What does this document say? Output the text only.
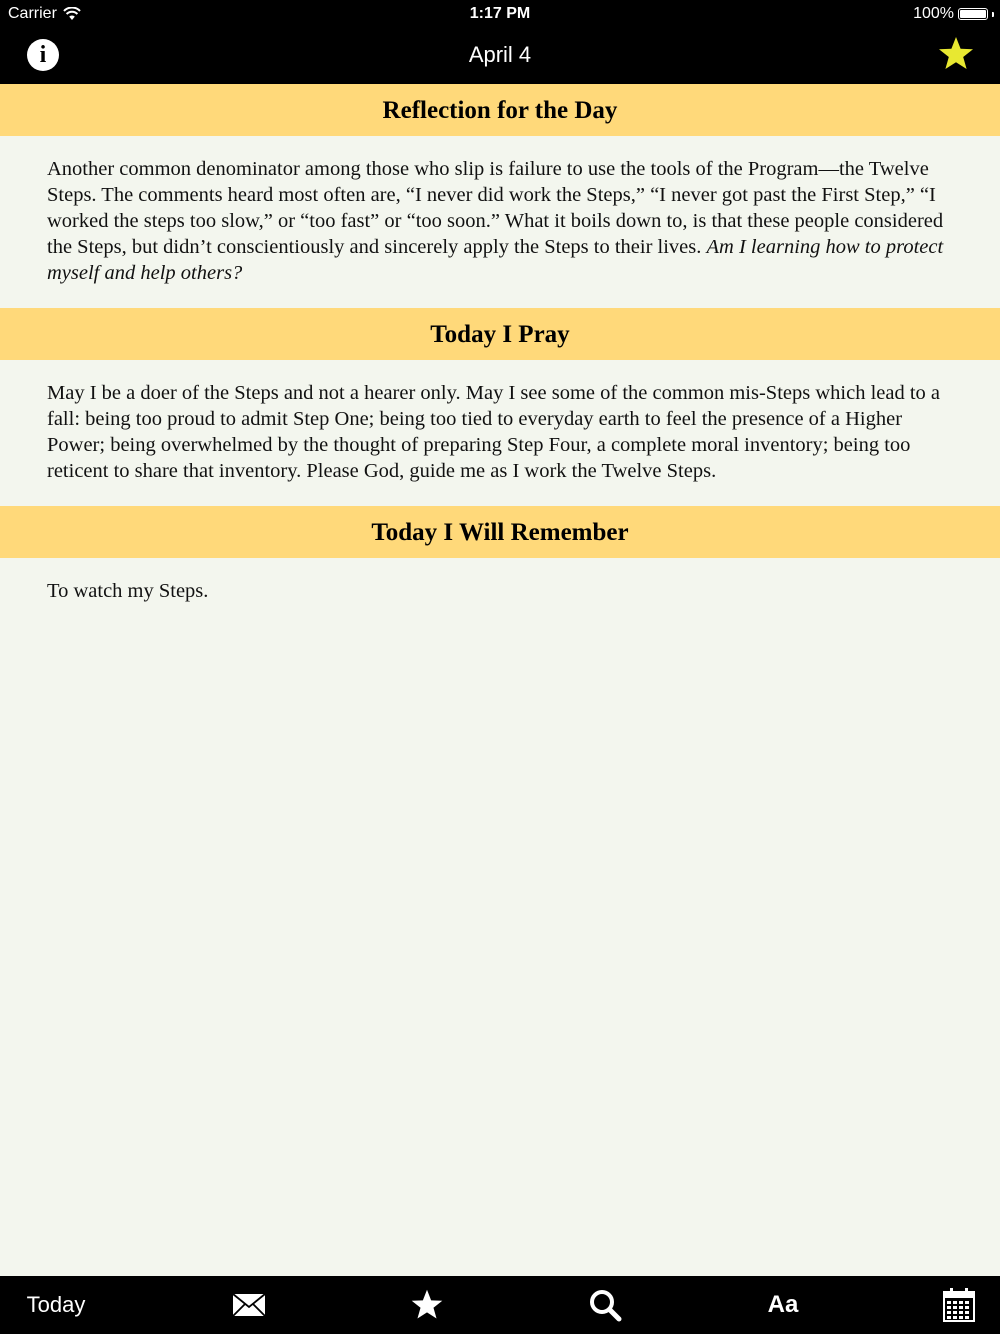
Carrier	1:17 PM	100%
i	April 4
Reflection for the Day
Another common denominator among those who slip is failure to use the tools of the Program—the Twelve Steps. The comments heard most often are, “I never did work the Steps,” “I never got past the First Step,” “I worked the steps too slow,” or “too fast” or “too soon.” What it boils down to, is that these people considered the Steps, but didn’t conscientiously and sincerely apply the Steps to their lives. Am I learning how to protect myself and help others?
Today I Pray
May I be a doer of the Steps and not a hearer only. May I see some of the common mis-Steps which lead to a fall: being too proud to admit Step One; being too tied to everyday earth to feel the presence of a Higher Power; being overwhelmed by the thought of preparing Step Four, a complete moral inventory; being too reticent to share that inventory. Please God, guide me as I work the Twelve Steps.
Today I Will Remember
To watch my Steps.
Today	Aa
